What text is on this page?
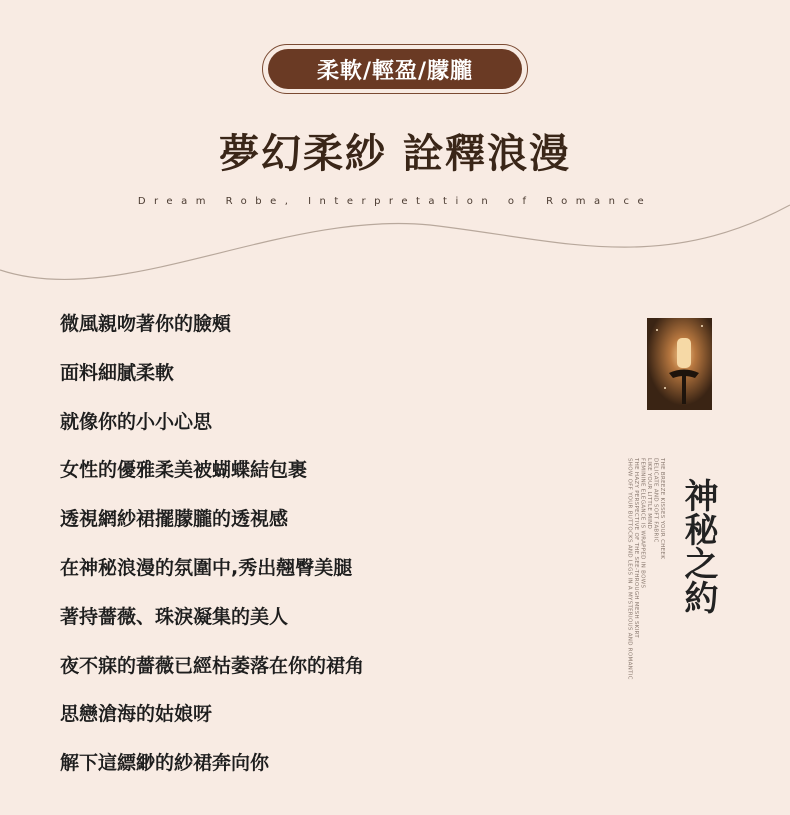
柔軟/輕盈/朦朧
夢幻柔紗 詮釋浪漫
Dream Robe, Interpretation of Romance
微風親吻著你的臉頰
面料細膩柔軟
就像你的小小心思
女性的優雅柔美被蝴蝶結包裹
透視網紗裙擺朦朧的透視感
在神秘浪漫的氛圍中,秀出翹臀美腿
著持薔薇、珠淚凝集的美人
夜不寐的薔薇已經枯萎落在你的裙角
思戀滄海的姑娘呀
解下這縹緲的紗裙奔向你
THE BREEZE KISSES YOUR CHEEK
DELICATE AND SOFT FABRIC
LIKE YOUR LITTLE MIND
FEMININE ELEGANCE IS WRAPPED IN BOWS
THE HAZY PERSPECTIVE OF THE SEE-THROUGH MESH SKIRT
SHOW OFF YOUR BUTTOCKS AND LEGS IN A MYSTERIOUS AND ROMANTIC 神秘之約
